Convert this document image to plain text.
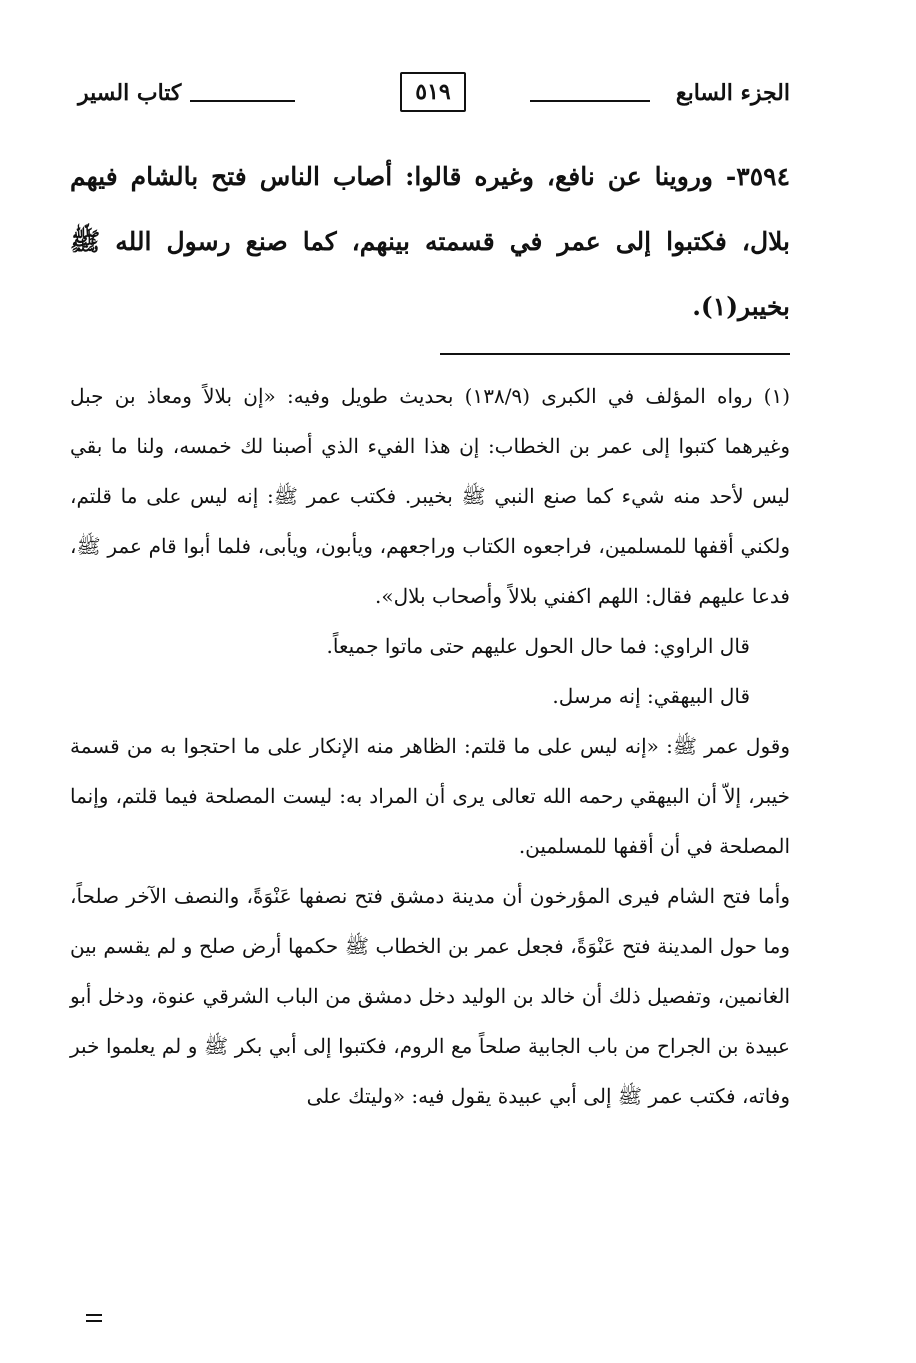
الجزء السابع
٥١٩
كتاب السير
٣٥٩٤- وروينا عن نافع، وغيره قالوا: أصاب الناس فتح بالشام فيهم بلال، فكتبوا إلى عمر في قسمته بينهم، كما صنع رسول الله ﷺ بخيبر(١).

(١) رواه المؤلف في الكبرى (١٣٨/٩) بحديث طويل وفيه: «إن بلالاً ومعاذ بن جبل وغيرهما كتبوا إلى عمر بن الخطاب: إن هذا الفيء الذي أصبنا لك خمسه، ولنا ما بقي ليس لأحد منه شيء كما صنع النبي ﷺ بخيبر. فكتب عمر ﷺ: إنه ليس على ما قلتم، ولكني أقفها للمسلمين، فراجعوه الكتاب وراجعهم، ويأبون، ويأبى، فلما أبوا قام عمر ﷺ، فدعا عليهم فقال: اللهم اكفني بلالاً وأصحاب بلال».

قال الراوي: فما حال الحول عليهم حتى ماتوا جميعاً.

قال البيهقي: إنه مرسل.

وقول عمر ﷺ: «إنه ليس على ما قلتم: الظاهر منه الإنكار على ما احتجوا به من قسمة خيبر، إلاّ أن البيهقي رحمه الله تعالى يرى أن المراد به: ليست المصلحة فيما قلتم، وإنما المصلحة في أن أقفها للمسلمين.

وأما فتح الشام فيرى المؤرخون أن مدينة دمشق فتح نصفها عَنْوَةً، والنصف الآخر صلحاً، وما حول المدينة فتح عَنْوَةً، فجعل عمر بن الخطاب ﷺ حكمها أرض صلح و لم يقسم بين الغانمين، وتفصيل ذلك أن خالد بن الوليد دخل دمشق من الباب الشرقي عنوة، ودخل أبو عبيدة بن الجراح من باب الجابية صلحاً مع الروم، فكتبوا إلى أبي بكر ﷺ و لم يعلموا خبر وفاته، فكتب عمر ﷺ إلى أبي عبيدة يقول فيه: «وليتك على
